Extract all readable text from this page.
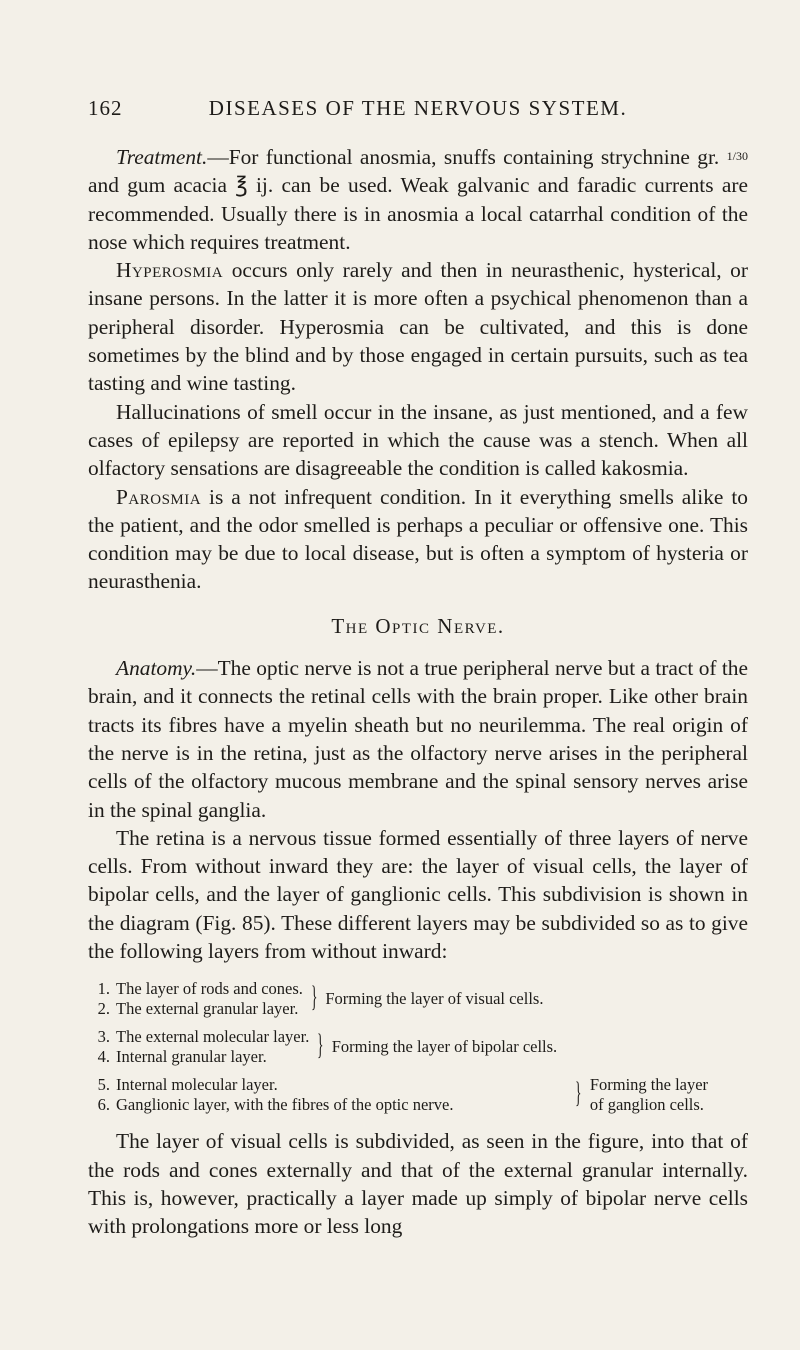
162	DISEASES OF THE NERVOUS SYSTEM.

Treatment.—For functional anosmia, snuffs containing strychnine gr. 1/30 and gum acacia ℥ ij. can be used. Weak galvanic and faradic currents are recommended. Usually there is in anosmia a local catarrhal condition of the nose which requires treatment.

Hyperosmia occurs only rarely and then in neurasthenic, hysterical, or insane persons. In the latter it is more often a psychical phenomenon than a peripheral disorder. Hyperosmia can be cultivated, and this is done sometimes by the blind and by those engaged in certain pursuits, such as tea tasting and wine tasting.

Hallucinations of smell occur in the insane, as just mentioned, and a few cases of epilepsy are reported in which the cause was a stench. When all olfactory sensations are disagreeable the condition is called kakosmia.

Parosmia is a not infrequent condition. In it everything smells alike to the patient, and the odor smelled is perhaps a peculiar or offensive one. This condition may be due to local disease, but is often a symptom of hysteria or neurasthenia.

The Optic Nerve.

Anatomy.—The optic nerve is not a true peripheral nerve but a tract of the brain, and it connects the retinal cells with the brain proper. Like other brain tracts its fibres have a myelin sheath but no neurilemma. The real origin of the nerve is in the retina, just as the olfactory nerve arises in the peripheral cells of the olfactory mucous membrane and the spinal sensory nerves arise in the spinal ganglia.

The retina is a nervous tissue formed essentially of three layers of nerve cells. From without inward they are: the layer of visual cells, the layer of bipolar cells, and the layer of ganglionic cells. This subdivision is shown in the diagram (Fig. 85). These different layers may be subdivided so as to give the following layers from without inward:

1.	The layer of rods and cones.	}	Forming the layer of visual cells.
2.	The external granular layer.		
3.	The external molecular layer.	}	Forming the layer of bipolar cells.
4.	Internal granular layer.		
5.	Internal molecular layer.	}	Forming the layer
6.	Ganglionic layer, with the fibres of the optic nerve.		of ganglion cells.

The layer of visual cells is subdivided, as seen in the figure, into that of the rods and cones externally and that of the external granular internally. This is, however, practically a layer made up simply of bipolar nerve cells with prolongations more or less long
